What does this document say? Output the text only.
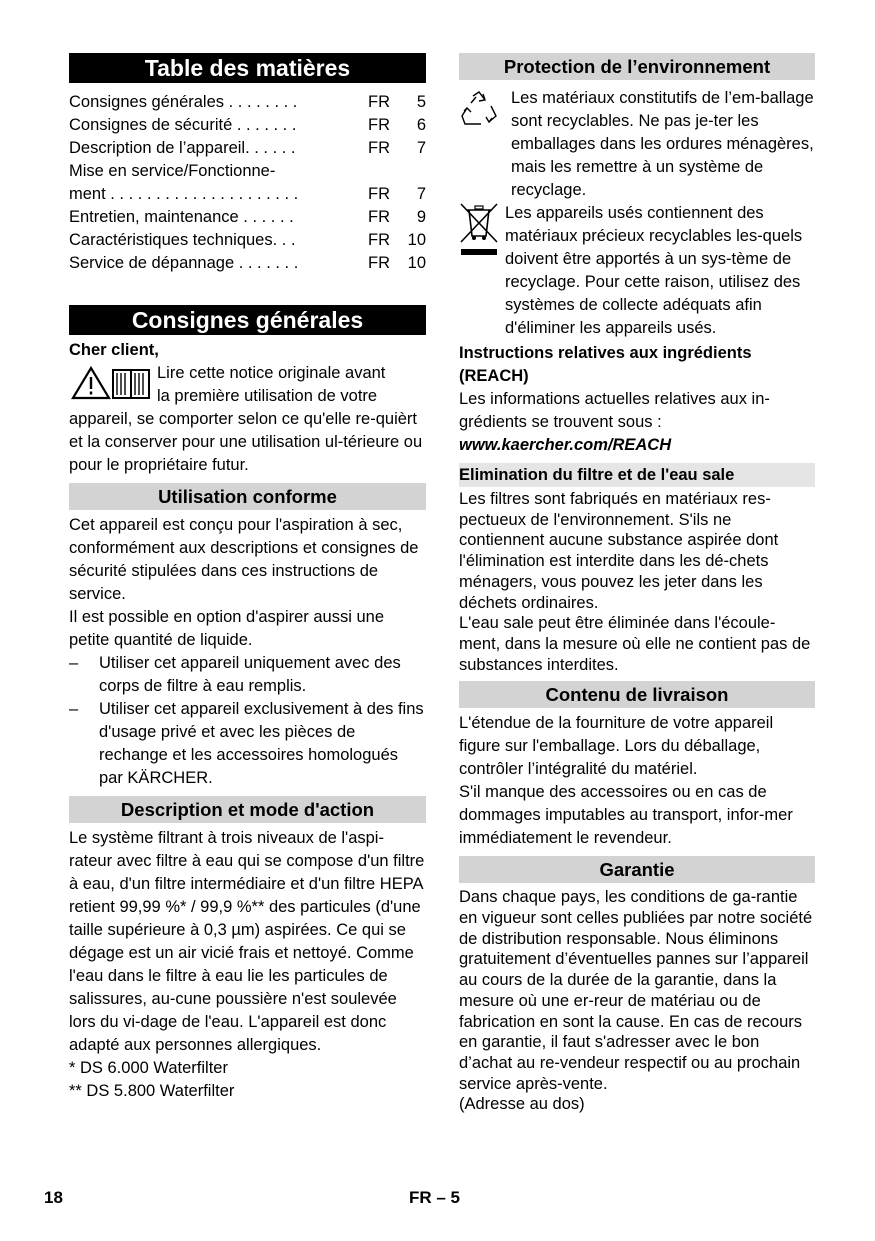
Table des matières
Consignes générales . . . . . . . .	FR	5
Consignes de sécurité . . . . . . .	FR	6
Description de l’appareil. . . . . .	FR	7
Mise en service/Fonctionne-
ment . . . . . . . . . . . . . . . . . . . . .	FR	7
Entretien, maintenance . . . . . .	FR	9
Caractéristiques techniques. . .	FR	10
Service de dépannage . . . . . . .	FR	10
Consignes générales
Cher client,
Lire cette notice originale avant
la première utilisation de votre
appareil, se comporter selon ce qu'elle re-quièrt et la conserver pour une utilisation ul-térieure ou pour le propriétaire futur.
Utilisation conforme
Cet appareil est conçu pour l'aspiration à sec, conformément aux descriptions et consignes de sécurité stipulées dans ces instructions de service.
Il est possible en option d'aspirer aussi une petite quantité de liquide.
–	Utiliser cet appareil uniquement avec des corps de filtre à eau remplis.
–	Utiliser cet appareil exclusivement à des fins d'usage privé et avec les pièces de rechange et les accessoires homologués par KÄRCHER.
Description et mode d'action
Le système filtrant à trois niveaux de l'aspi-rateur avec filtre à eau qui se compose d'un filtre à eau, d'un filtre intermédiaire et d'un filtre HEPA retient 99,99 %* / 99,9 %** des particules (d'une taille supérieure à 0,3 µm) aspirées. Ce qui se dégage est un air vicié frais et nettoyé. Comme l'eau dans le filtre à eau lie les particules de salissures, au-cune poussière n'est soulevée lors du vi-dage de l'eau. L'appareil est donc adapté aux personnes allergiques.
* DS 6.000 Waterfilter
** DS 5.800 Waterfilter
Protection de l’environnement
Les matériaux constitutifs de l’em-ballage sont recyclables. Ne pas je-ter les emballages dans les ordures ménagères, mais les remettre à un système de recyclage.
Les appareils usés contiennent des matériaux précieux recyclables les-quels doivent être apportés à un sys-tème de recyclage. Pour cette raison, utilisez des systèmes de collecte adéquats afin d'éliminer les appareils usés.
Instructions relatives aux ingrédients (REACH)
Les informations actuelles relatives aux in-grédients se trouvent sous :
www.kaercher.com/REACH
Elimination du filtre et de l'eau sale
Les filtres sont fabriqués en matériaux res-pectueux de l'environnement. S'ils ne contiennent aucune substance aspirée dont l'élimination est interdite dans les dé-chets ménagers, vous pouvez les jeter dans les déchets ordinaires.
L'eau sale peut être éliminée dans l'écoule-ment, dans la mesure où elle ne contient pas de substances interdites.
Contenu de livraison
L'étendue de la fourniture de votre appareil figure sur l'emballage. Lors du déballage, contrôler l’intégralité du matériel.
S'il manque des accessoires ou en cas de dommages imputables au transport, infor-mer immédiatement le revendeur.
Garantie
Dans chaque pays, les conditions de ga-rantie en vigueur sont celles publiées par notre société de distribution responsable. Nous éliminons gratuitement d’éventuelles pannes sur l’appareil au cours de la durée de la garantie, dans la mesure où une er-reur de matériau ou de fabrication en sont la cause. En cas de recours en garantie, il faut s'adresser avec le bon d’achat au re-vendeur respectif ou au prochain service après-vente.
(Adresse au dos)
18	FR – 5
